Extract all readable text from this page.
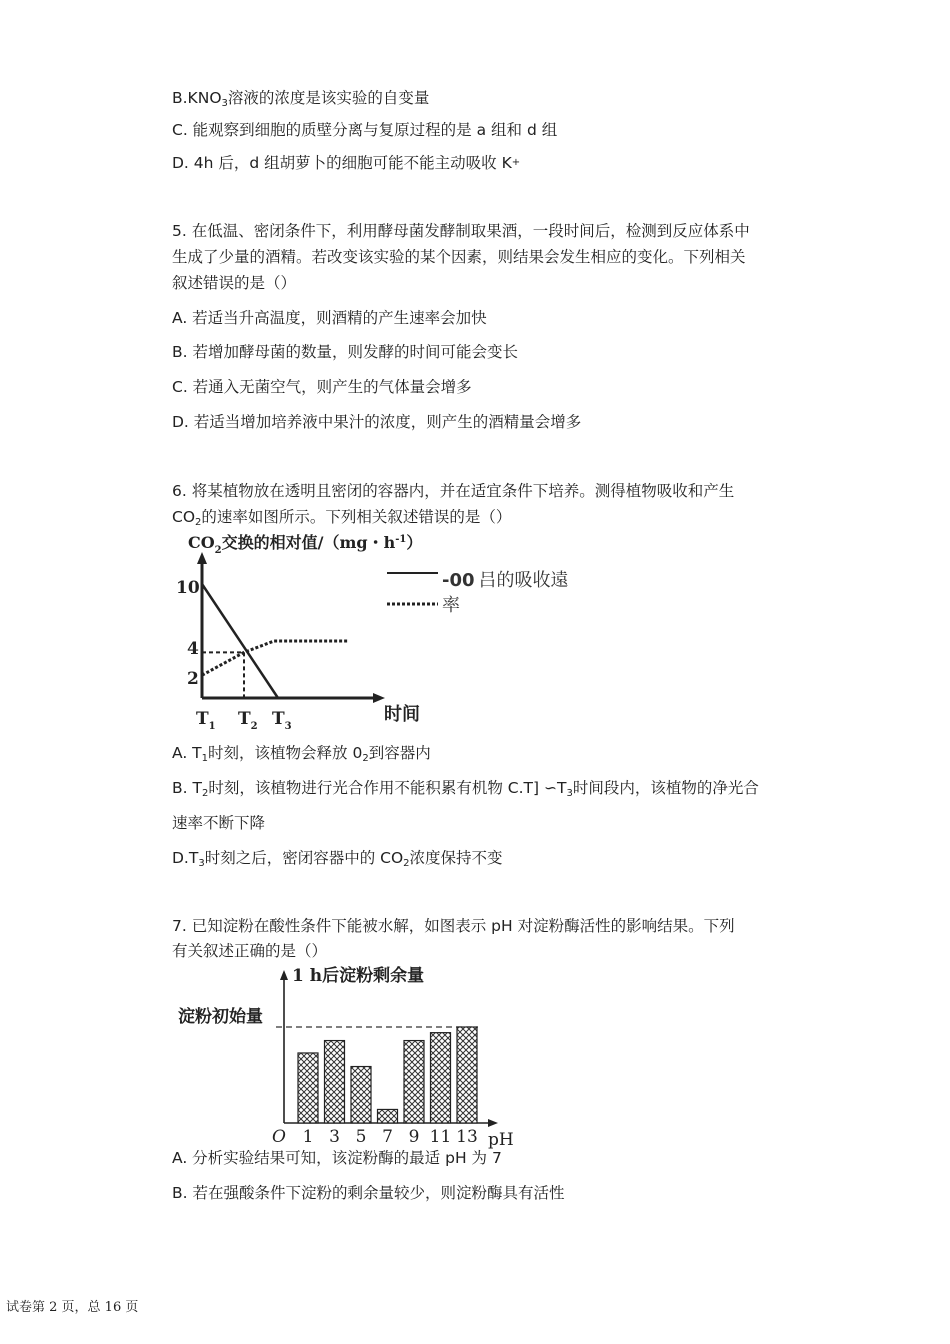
$B.KNO_3$溶液的浓度是该实验的自变量
C. 能观察到细胞的质壁分离与复原过程的是 a 组和 d 组
D. 4h 后，d 组胡萝卜的细胞可能不能主动吸收 K+
5. 在低温、密闭条件下，利用酵母菌发酵制取果酒，一段时间后，检测到反应体系中
生成了少量的酒精。若改变该实验的某个因素，则结果会发生相应的变化。下列相关
叙述错误的是（）
A. 若适当升高温度，则酒精的产生速率会加快
B. 若增加酵母菌的数量，则发酵的时间可能会变长
C. 若通入无菌空气，则产生的气体量会增多
D. 若适当增加培养液中果汁的浓度，则产生的酒精量会增多
6. 将某植物放在透明且密闭的容器内，并在适宜条件下培养。测得植物吸收和产生
$CO_2$的速率如图所示。下列相关叙述错误的是（）
$CO_2$交换的相对值/（mg・$h^{-1}$）
10
4
2
$T_1$ $T_2$ $T_3$
时间
-00 吕的吸收遠
率
A. $T_1$时刻，该植物会释放 $0_2$到容器内
B. $T_2$时刻，该植物进行光合作用不能积累有机物 C.T] $∽T_3$时间段内，该植物的净光合
速率不断下降
$D.T_3$时刻之后，密闭容器中的 $CO_2$浓度保持不变
7. 已知淀粉在酸性条件下能被水解，如图表示 pH 对淀粉酶活性的影响结果。下列
有关叙述正确的是（）
1 h后淀粉剩余量
淀粉初始量
O	pH
1 3 5 7 9 11 13
A. 分析实验结果可知，该淀粉酶的最适 pH 为 7
B. 若在强酸条件下淀粉的剩余量较少，则淀粉酶具有活性
试卷第 2 页，总 16 页
